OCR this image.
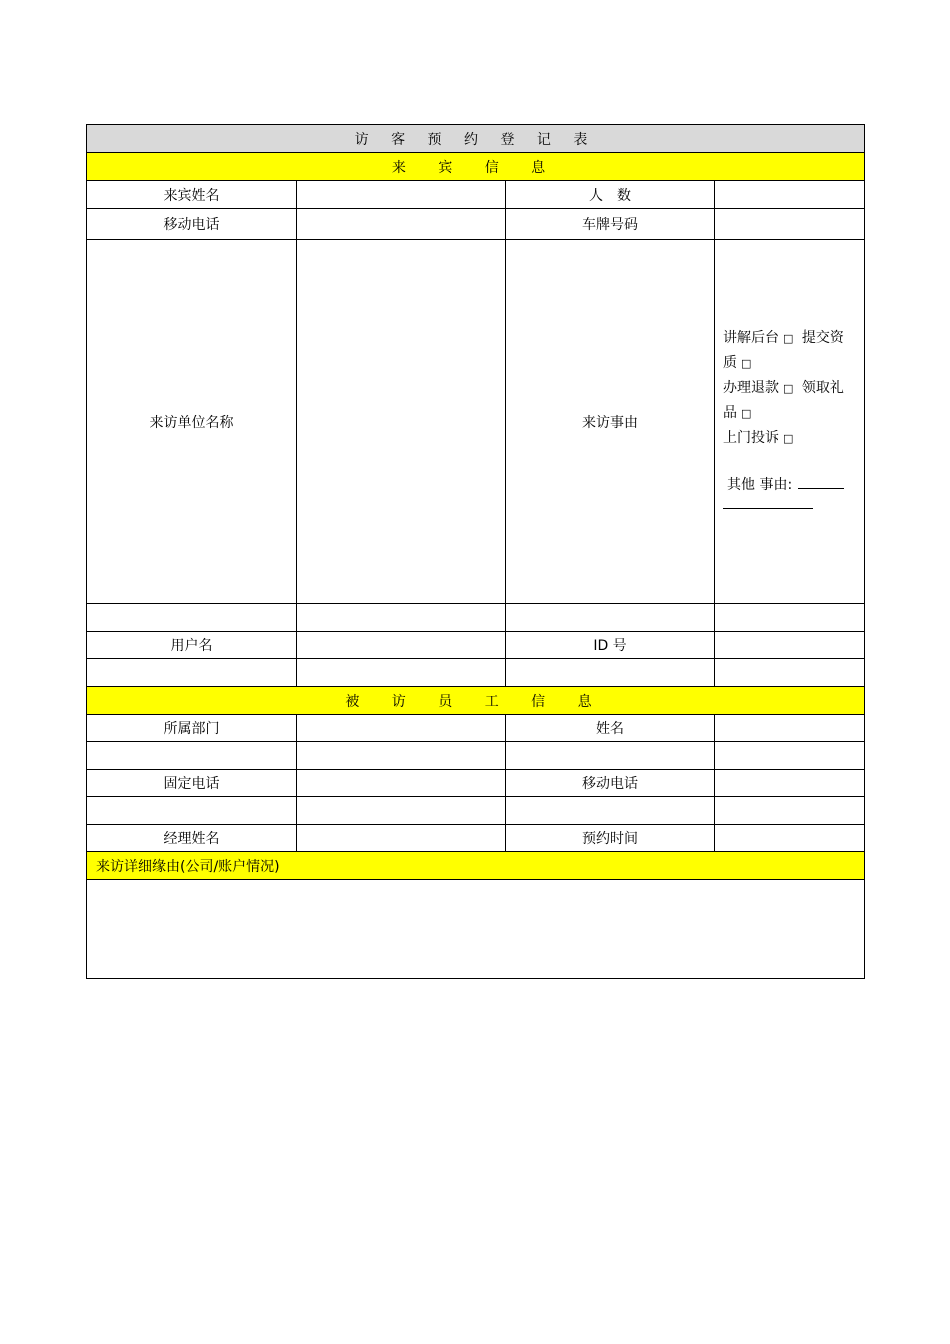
访 客 预 约 登 记 表
来 宾 信 息
来宾姓名	人　数
移动电话	车牌号码
来访单位名称	来访事由
讲解后台 □ 提交资
质 □
办理退款 □ 领取礼
品 □
上门投诉 □
其他 事由:
用户名	ID 号
被 访 员 工 信 息
所属部门	姓名
固定电话	移动电话
经理姓名	预约时间
来访详细缘由(公司/账户情况)
